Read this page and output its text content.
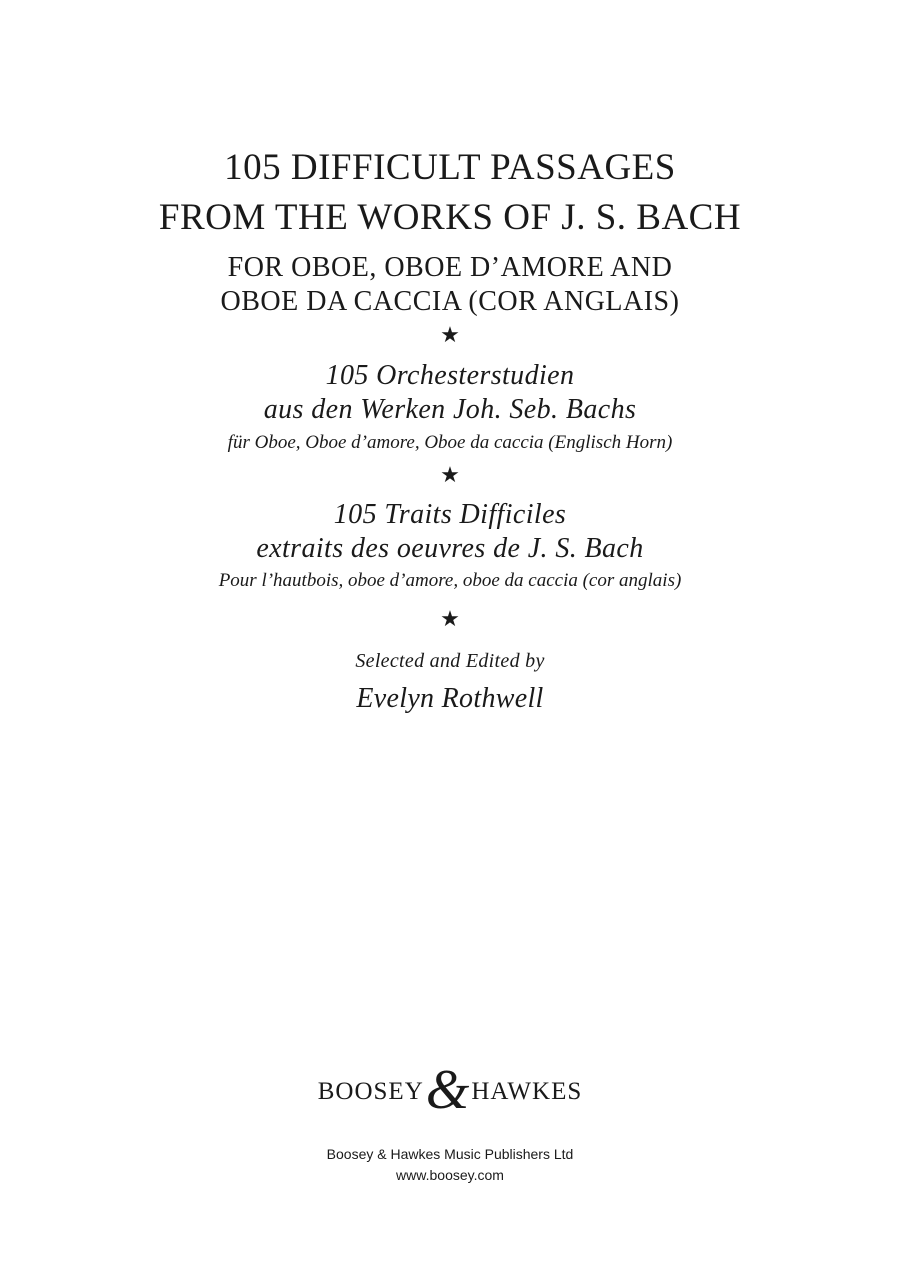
105 DIFFICULT PASSAGES
FROM THE WORKS OF J. S. BACH
FOR OBOE, OBOE D’AMORE AND
OBOE DA CACCIA (COR ANGLAIS)
★
105 Orchesterstudien
aus den Werken Joh. Seb. Bachs
für Oboe, Oboe d’amore, Oboe da caccia (Englisch Horn)
★
105 Traits Difficiles
extraits des oeuvres de J. S. Bach
Pour l’hautbois, oboe d’amore, oboe da caccia (cor anglais)
★
Selected and Edited by
Evelyn Rothwell
BOOSEY & HAWKES
Boosey & Hawkes Music Publishers Ltd
www.boosey.com
